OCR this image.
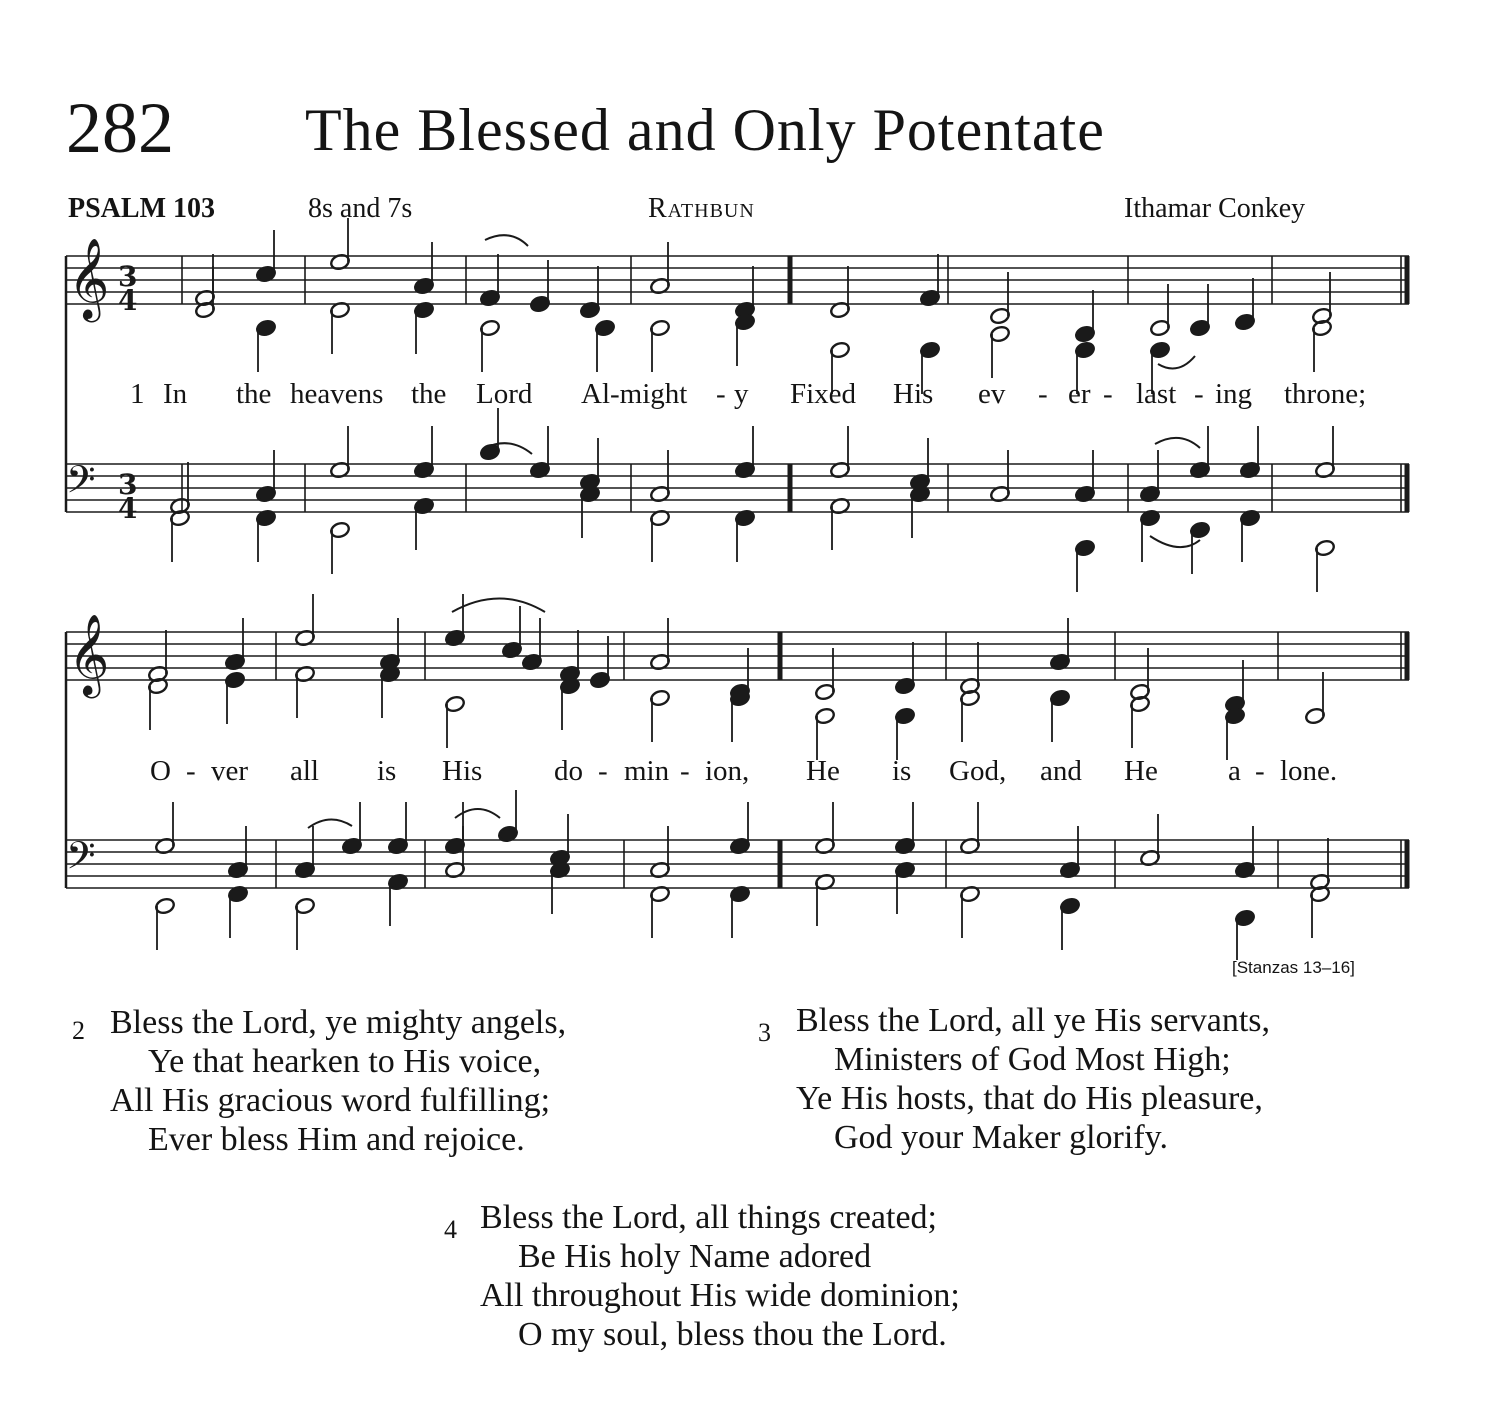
282 The Blessed and Only Potentate
PSALM 103	8s and 7s	Rathbun	Ithamar Conkey
𝄞
𝄢
𝄞
𝄢
3
4
3
4
1 In the heavens the Lord Al-might - y Fixed His ev - er - last - ing throne;
O - ver all is His do - min - ion, He is God, and He a - lone.
[Stanzas 13–16]
2 Bless the Lord, ye mighty angels,
Ye that hearken to His voice,
All His gracious word fulfilling;
Ever bless Him and rejoice.
3 Bless the Lord, all ye His servants,
Ministers of God Most High;
Ye His hosts, that do His pleasure,
God your Maker glorify.
4 Bless the Lord, all things created;
Be His holy Name adored
All throughout His wide dominion;
O my soul, bless thou the Lord.
